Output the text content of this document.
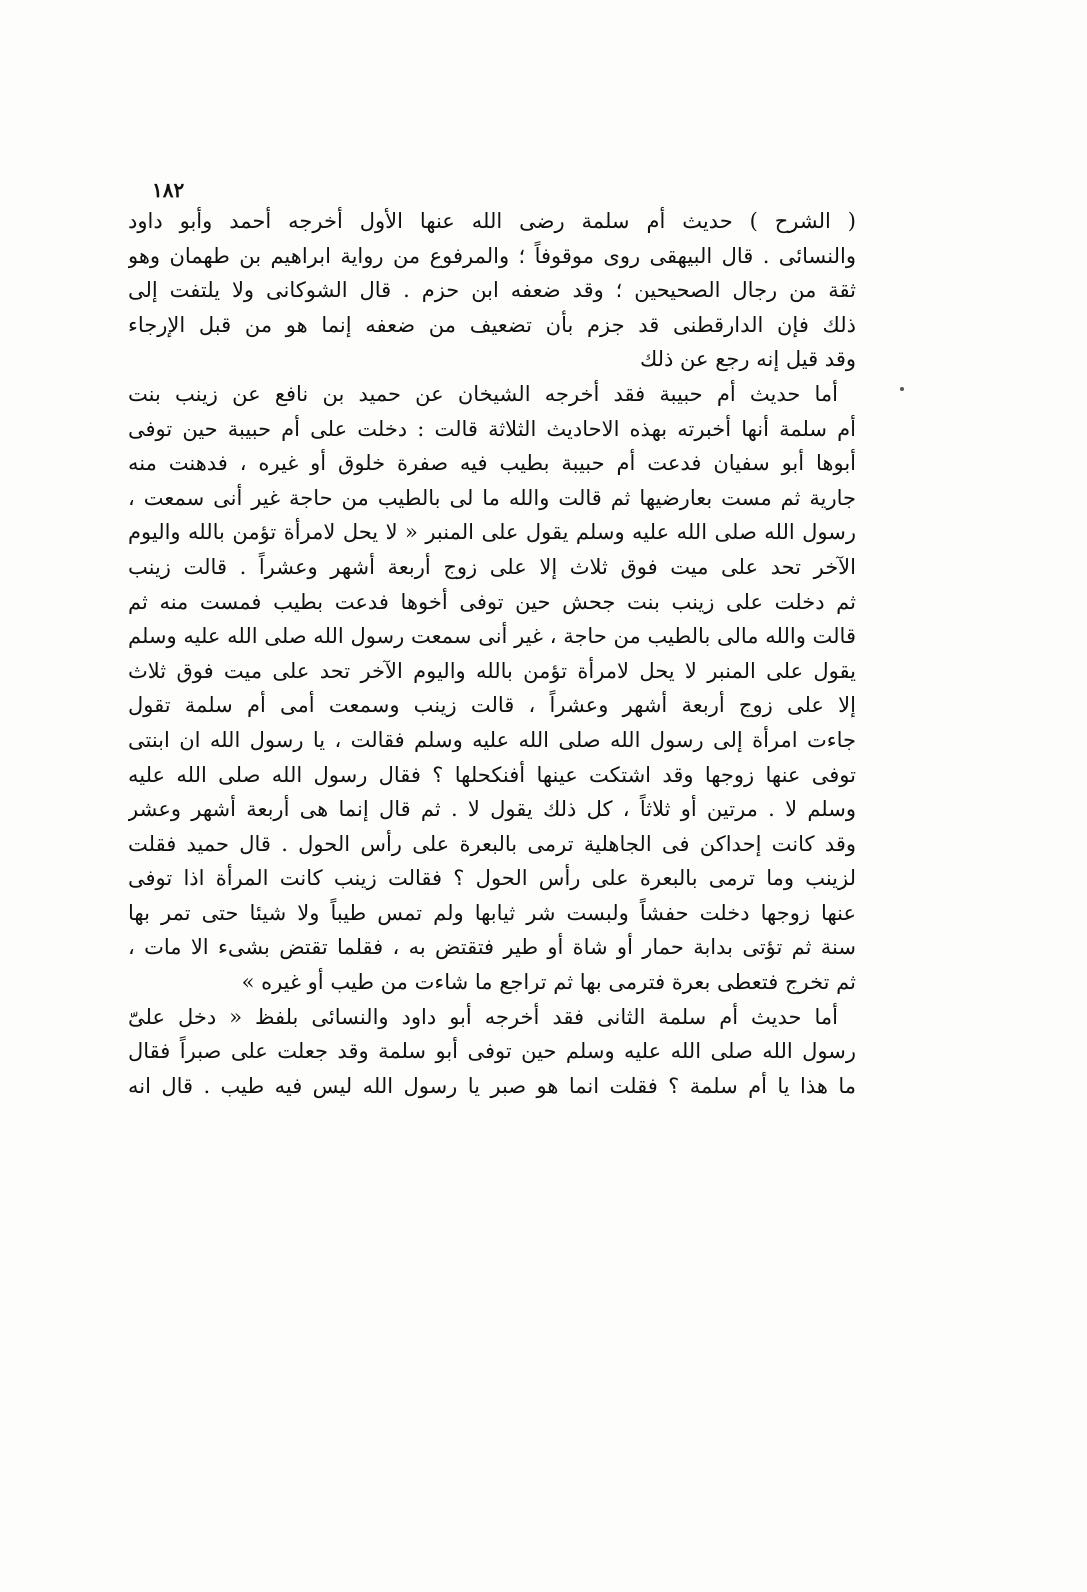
١٨٢
( الشرح ) حديث أم سلمة رضى الله عنها الأول أخرجه أحمد وأبو داود
والنسائى . قال البيهقى روى موقوفاً ؛ والمرفوع من رواية ابراهيم بن طهمان وهو
ثقة من رجال الصحيحين ؛ وقد ضعفه ابن حزم . قال الشوكانى ولا يلتفت إلى
ذلك فإن الدارقطنى قد جزم بأن تضعيف من ضعفه إنما هو من قبل الإرجاء
وقد قيل إنه رجع عن ذلك
أما حديث أم حبيبة فقد أخرجه الشيخان عن حميد بن نافع عن زينب بنت
أم سلمة أنها أخبرته بهذه الاحاديث الثلاثة قالت : دخلت على أم حبيبة حين توفى
أبوها أبو سفيان فدعت أم حبيبة بطيب فيه صفرة خلوق أو غيره ، فدهنت منه
جارية ثم مست بعارضيها ثم قالت والله ما لى بالطيب من حاجة غير أنى سمعت ،
رسول الله صلى الله عليه وسلم يقول على المنبر « لا يحل لامرأة تؤمن بالله واليوم
الآخر تحد على ميت فوق ثلاث إلا على زوج أربعة أشهر وعشراً . قالت زينب
ثم دخلت على زينب بنت جحش حين توفى أخوها فدعت بطيب فمست منه ثم
قالت والله مالى بالطيب من حاجة ، غير أنى سمعت رسول الله صلى الله عليه وسلم
يقول على المنبر لا يحل لامرأة تؤمن بالله واليوم الآخر تحد على ميت فوق ثلاث
إلا على زوج أربعة أشهر وعشراً ، قالت زينب وسمعت أمى أم سلمة تقول
جاءت امرأة إلى رسول الله صلى الله عليه وسلم فقالت ، يا رسول الله ان ابنتى
توفى عنها زوجها وقد اشتكت عينها أفنكحلها ؟ فقال رسول الله صلى الله عليه
وسلم لا . مرتين أو ثلاثاً ، كل ذلك يقول لا . ثم قال إنما هى أربعة أشهر وعشر
وقد كانت إحداكن فى الجاهلية ترمى بالبعرة على رأس الحول . قال حميد فقلت
لزينب وما ترمى بالبعرة على رأس الحول ؟ فقالت زينب كانت المرأة اذا توفى
عنها زوجها دخلت حفشاً ولبست شر ثيابها ولم تمس طيباً ولا شيئا حتى تمر بها
سنة ثم تؤتى بدابة حمار أو شاة أو طير فتقتض به ، فقلما تقتض بشىء الا مات ،
ثم تخرج فتعطى بعرة فترمى بها ثم تراجع ما شاءت من طيب أو غيره »
أما حديث أم سلمة الثانى فقد أخرجه أبو داود والنسائى بلفظ « دخل علىّ
رسول الله صلى الله عليه وسلم حين توفى أبو سلمة وقد جعلت على صبراً فقال
ما هذا يا أم سلمة ؟ فقلت انما هو صبر يا رسول الله ليس فيه طيب . قال انه
